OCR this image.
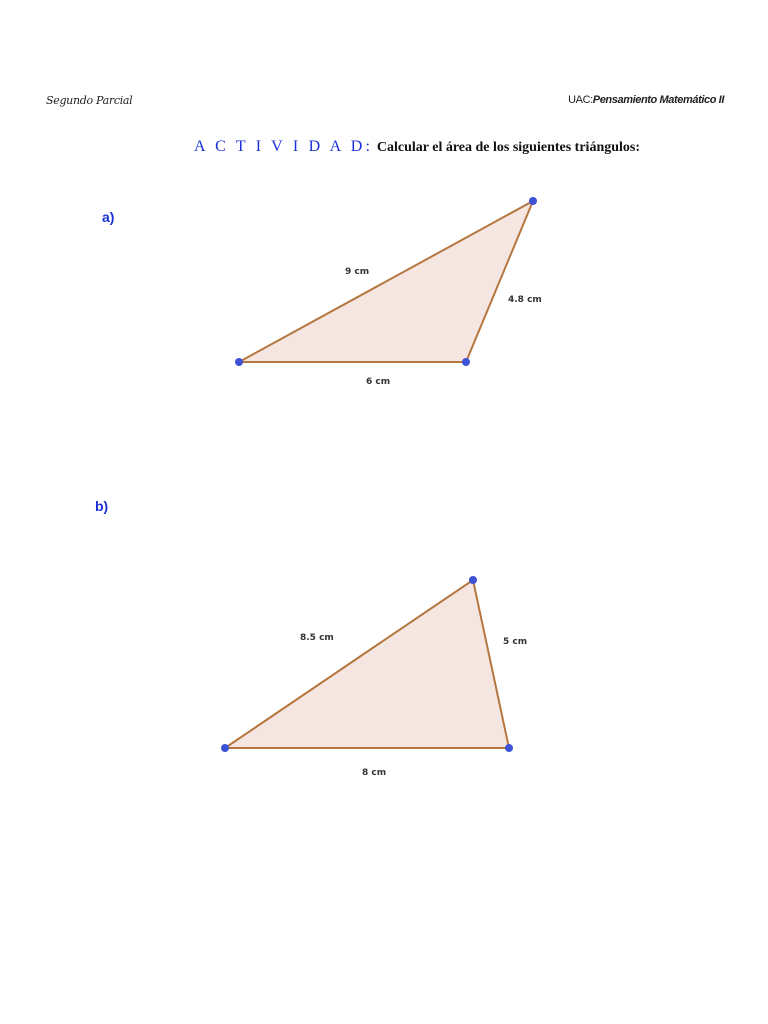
Segundo Parcial	UAC:Pensamiento Matemático II
A C T I V I D A D: Calcular el área de los siguientes triángulos:
a)
9 cm
4.8 cm
6 cm
b)
8.5 cm	5 cm
8 cm
